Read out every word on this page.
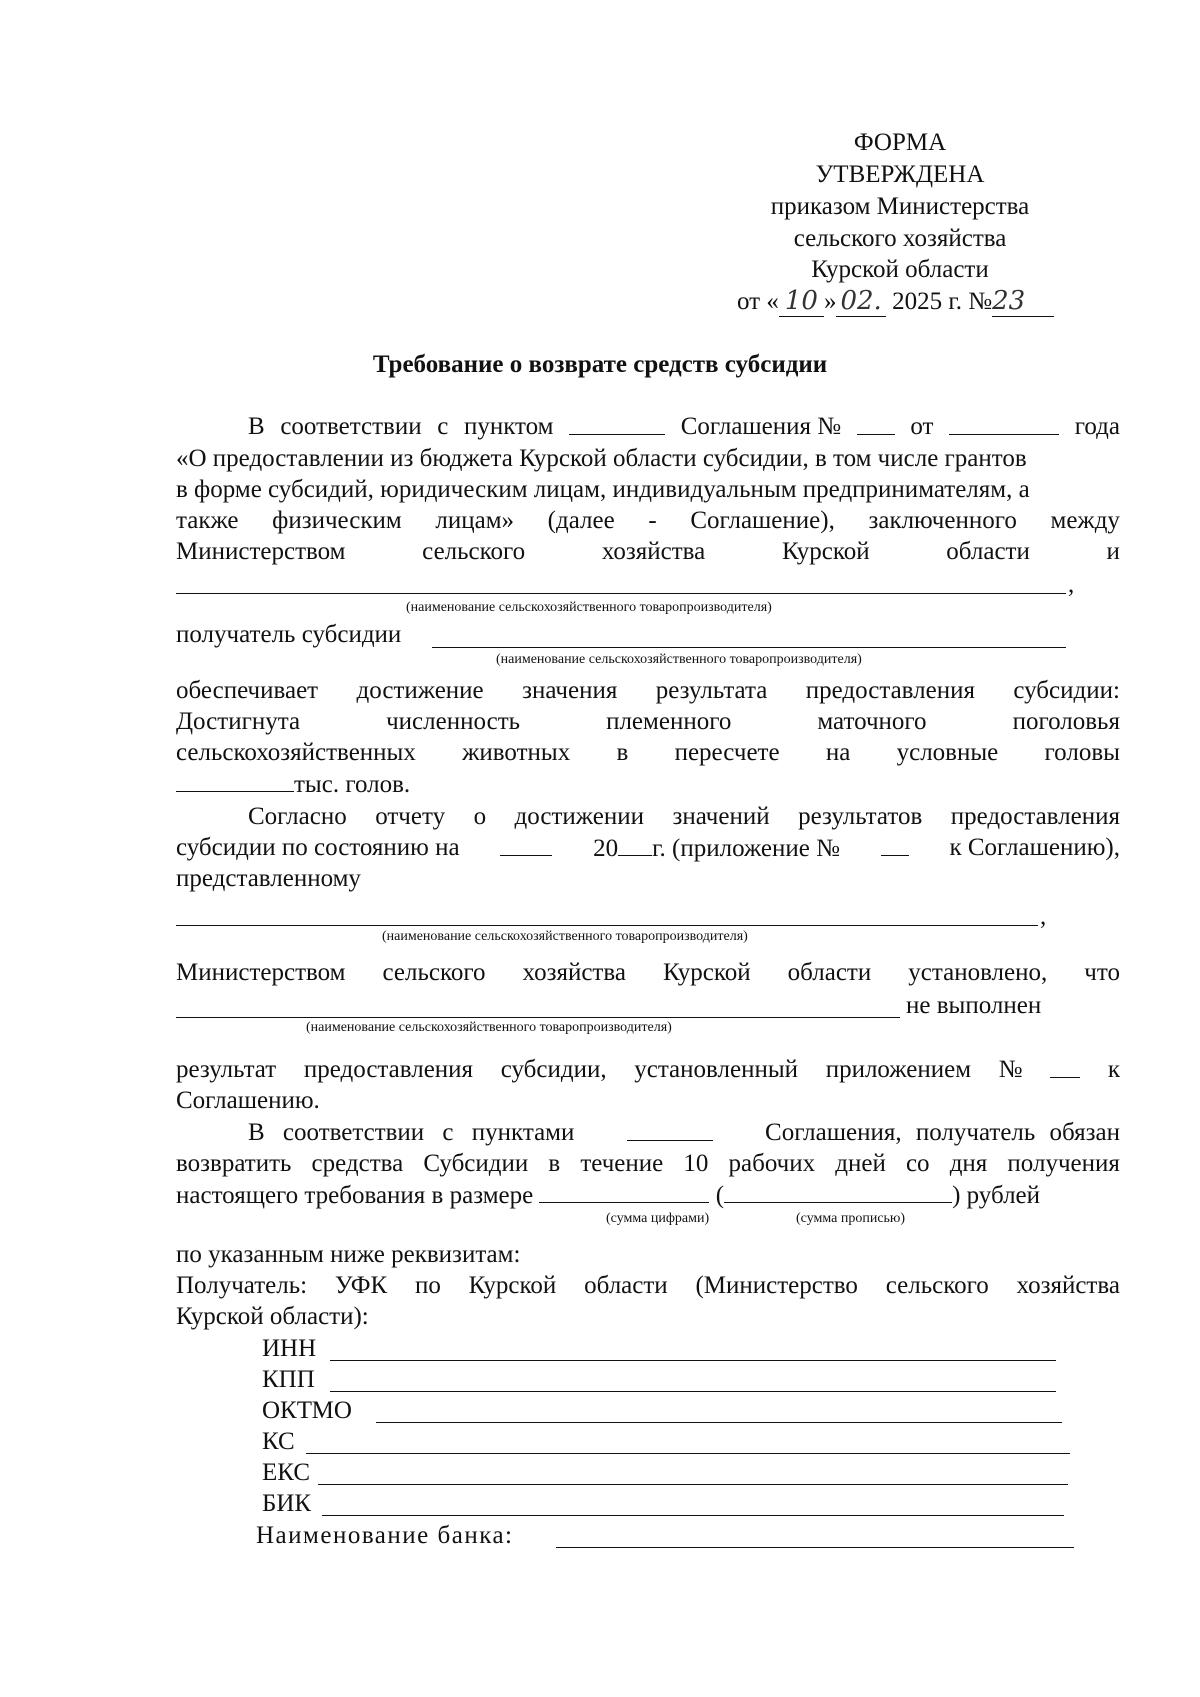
ФОРМА
УТВЕРЖДЕНА
приказом Министерства
сельского хозяйства
Курской области
от « 10 » 02. 2025 г. №23
Требование о возврате средств субсидии
В соответствии с пунктом	Соглашения №	от	года
«О предоставлении из бюджета Курской области субсидии, в том числе грантов
в форме субсидий, юридическим лицам, индивидуальным предпринимателям, а
также физическим лицам» (далее - Соглашение), заключенного между
Министерством	сельского	хозяйства	Курской	области	и
,
(наименование сельскохозяйственного товаропроизводителя)
получатель субсидии
(наименование сельскохозяйственного товаропроизводителя)
обеспечивает достижение значения результата предоставления субсидии:
Достигнута	численность	племенного	маточного	поголовья
сельскохозяйственных животных в пересчете на условные головы
тыс. голов.
Согласно отчету о достижении значений результатов предоставления
субсидии по состоянию на	20 г. (приложение №	к Соглашению),
представленному
,
(наименование сельскохозяйственного товаропроизводителя)
Министерством сельского хозяйства Курской области установлено, что
не выполнен
(наименование сельскохозяйственного товаропроизводителя)
результат предоставления субсидии, установленный приложением №	к
Соглашению.
В соответствии с пунктами	Соглашения, получатель обязан
возвратить средства Субсидии в течение 10 рабочих дней со дня получения
настоящего требования в размере	(	) рублей
(сумма цифрами)	(сумма прописью)
по указанным ниже реквизитам:
Получатель: УФК по Курской области (Министерство сельского хозяйства
Курской области):
ИНН
КПП
ОКТМО
КС
ЕКС
БИК
Наименование банка:
